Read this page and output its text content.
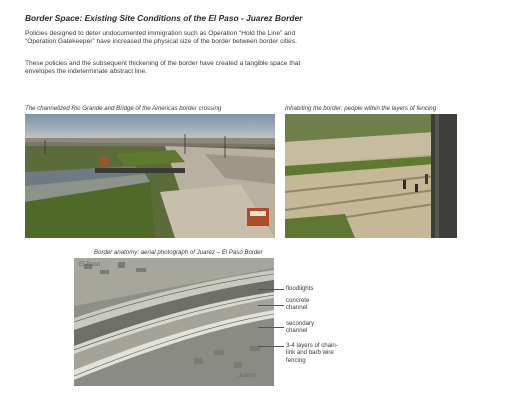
Border Space: Existing Site Conditions of the El Paso - Juarez Border
Policies designed to deter undocumented immigration such as Operation “Hold the Line” and “Operation Gatekeeper” have increased the physical size of the border between border cities.
These policies and the subsequent thickening of the border have created a tangible space that envelopes the indeterminate abstract line.
The channelized Rio Grande and Bridge of the Americas border crossing	Inhabiting the border: people within the layers of fencing
Border anatomy: aerial photograph of Juarez – El Paso Border
El Paso
Juarez
floodlights
concrete channel
secondary channel
3-4 layers of chain-link and barb wire fencing
